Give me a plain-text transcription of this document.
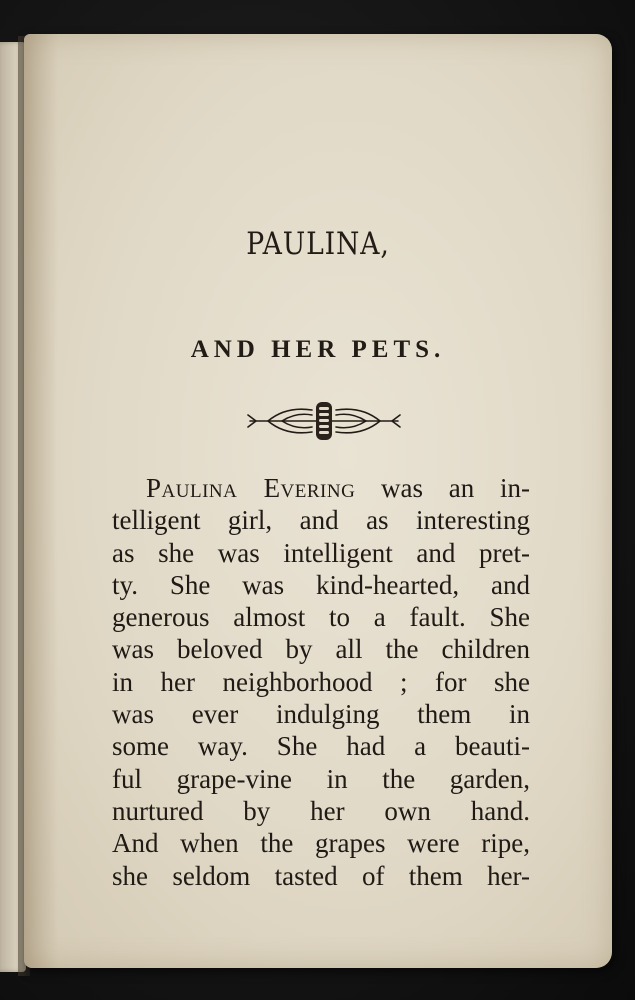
PAULINA,
AND HER PETS.
Paulina Evering was an in-
telligent girl, and as interesting
as she was intelligent and pret-
ty. She was kind-hearted, and
generous almost to a fault. She
was beloved by all the children
in her neighborhood ; for she
was ever indulging them in
some way. She had a beauti-
ful grape-vine in the garden,
nurtured by her own hand.
And when the grapes were ripe,
she seldom tasted of them her-
